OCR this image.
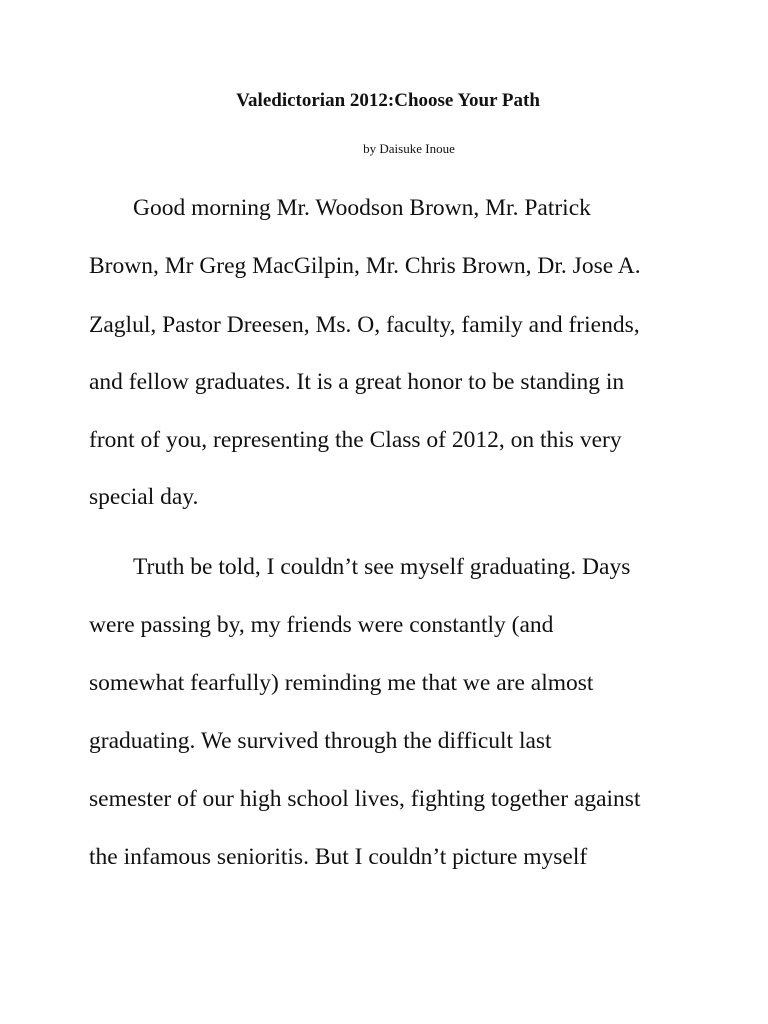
Valedictorian 2012:Choose Your Path
by Daisuke Inoue
Good morning Mr. Woodson Brown, Mr. Patrick
Brown, Mr Greg MacGilpin, Mr. Chris Brown, Dr. Jose A.
Zaglul, Pastor Dreesen, Ms. O, faculty, family and friends,
and fellow graduates. It is a great honor to be standing in
front of you, representing the Class of 2012, on this very
special day.
Truth be told, I couldn’t see myself graduating. Days
were passing by, my friends were constantly (and
somewhat fearfully) reminding me that we are almost
graduating. We survived through the difficult last
semester of our high school lives, fighting together against
the infamous senioritis. But I couldn’t picture myself
